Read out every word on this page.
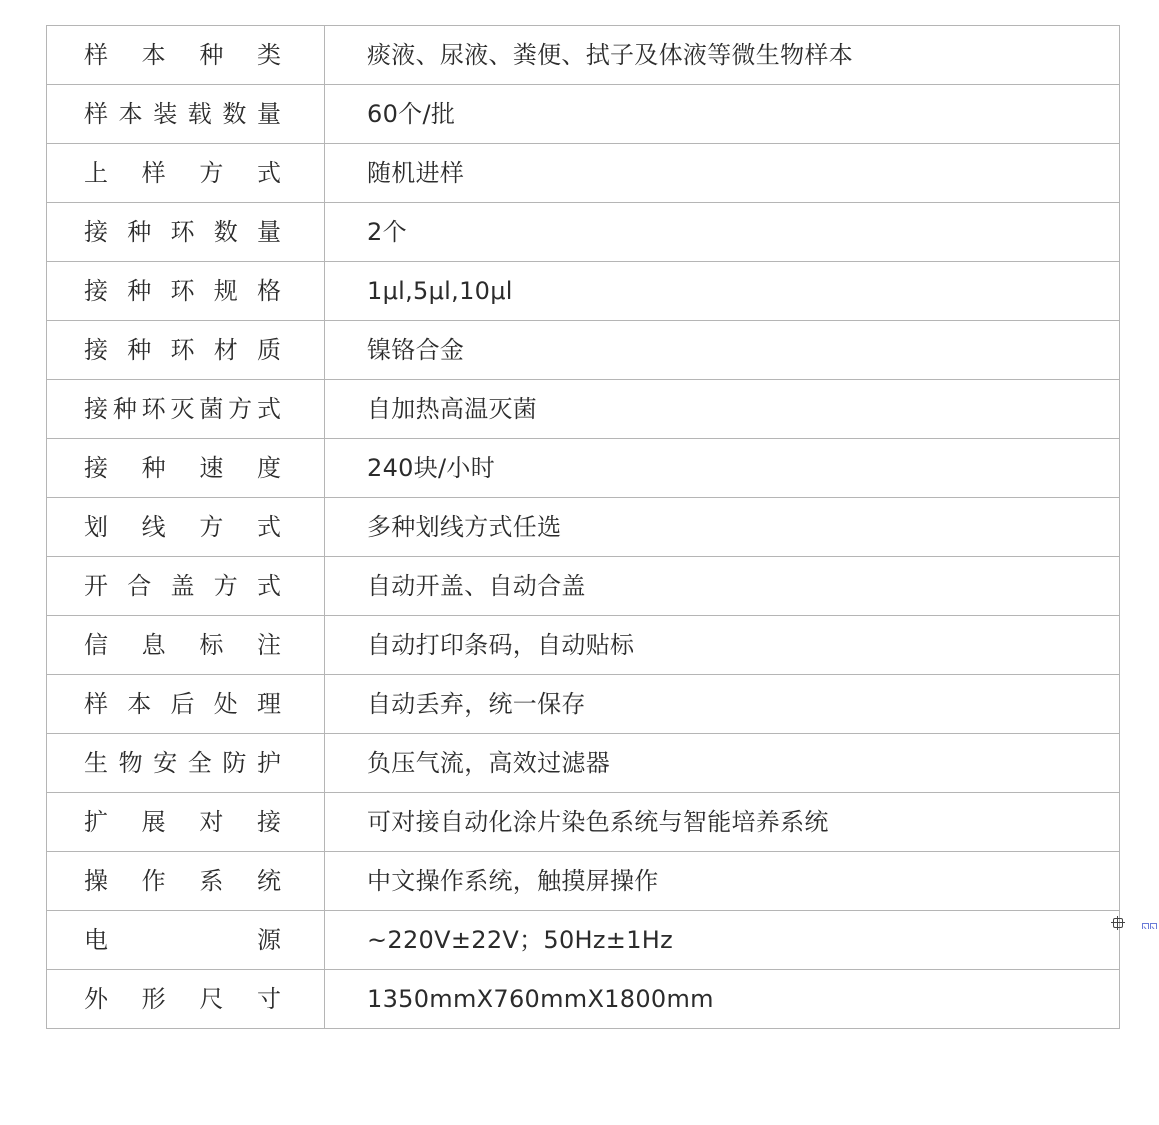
样本种类	痰液、尿液、粪便、拭子及体液等微生物样本
样本装载数量	60个/批
上样方式	随机进样
接种环数量	2个
接种环规格	1μl,5μl,10μl
接种环材质	镍铬合金
接种环灭菌方式	自加热高温灭菌
接种速度	240块/小时
划线方式	多种划线方式任选
开合盖方式	自动开盖、自动合盖
信息标注	自动打印条码，自动贴标
样本后处理	自动丢弃，统一保存
生物安全防护	负压气流，高效过滤器
扩展对接	可对接自动化涂片染色系统与智能培养系统
操作系统	中文操作系统，触摸屏操作
电源	~220V±22V；50Hz±1Hz
外形尺寸	1350mmX760mmX1800mm
